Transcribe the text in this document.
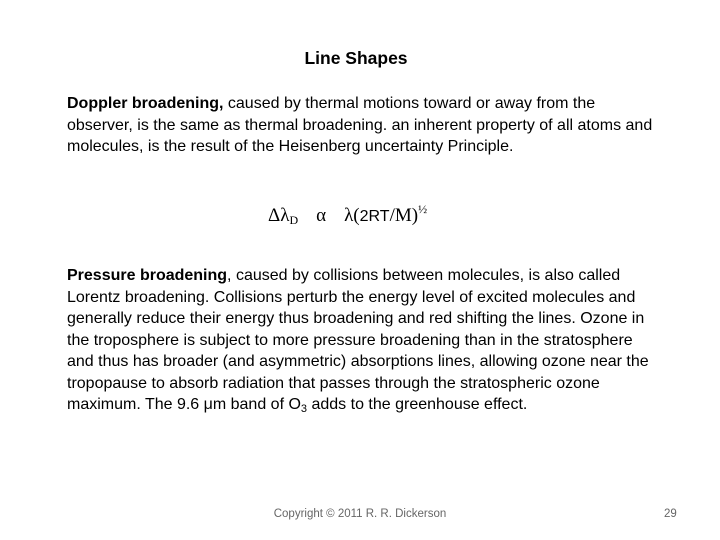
Line Shapes
Doppler broadening, caused by thermal motions toward or away from the observer, is the same as thermal broadening. an inherent property of all atoms and molecules, is the result of the Heisenberg uncertainty Principle.
$\Delta\lambda_D$ α $\lambda(2RT/M)^{\frac{1}{2}}$
Pressure broadening, caused by collisions between molecules, is also called Lorentz broadening. Collisions perturb the energy level of excited molecules and generally reduce their energy thus broadening and red shifting the lines. Ozone in the troposphere is subject to more pressure broadening than in the stratosphere and thus has broader (and asymmetric) absorptions lines, allowing ozone near the tropopause to absorb radiation that passes through the stratospheric ozone maximum. The 9.6 μm band of O3 adds to the greenhouse effect.
Copyright © 2011 R. R. Dickerson	29
